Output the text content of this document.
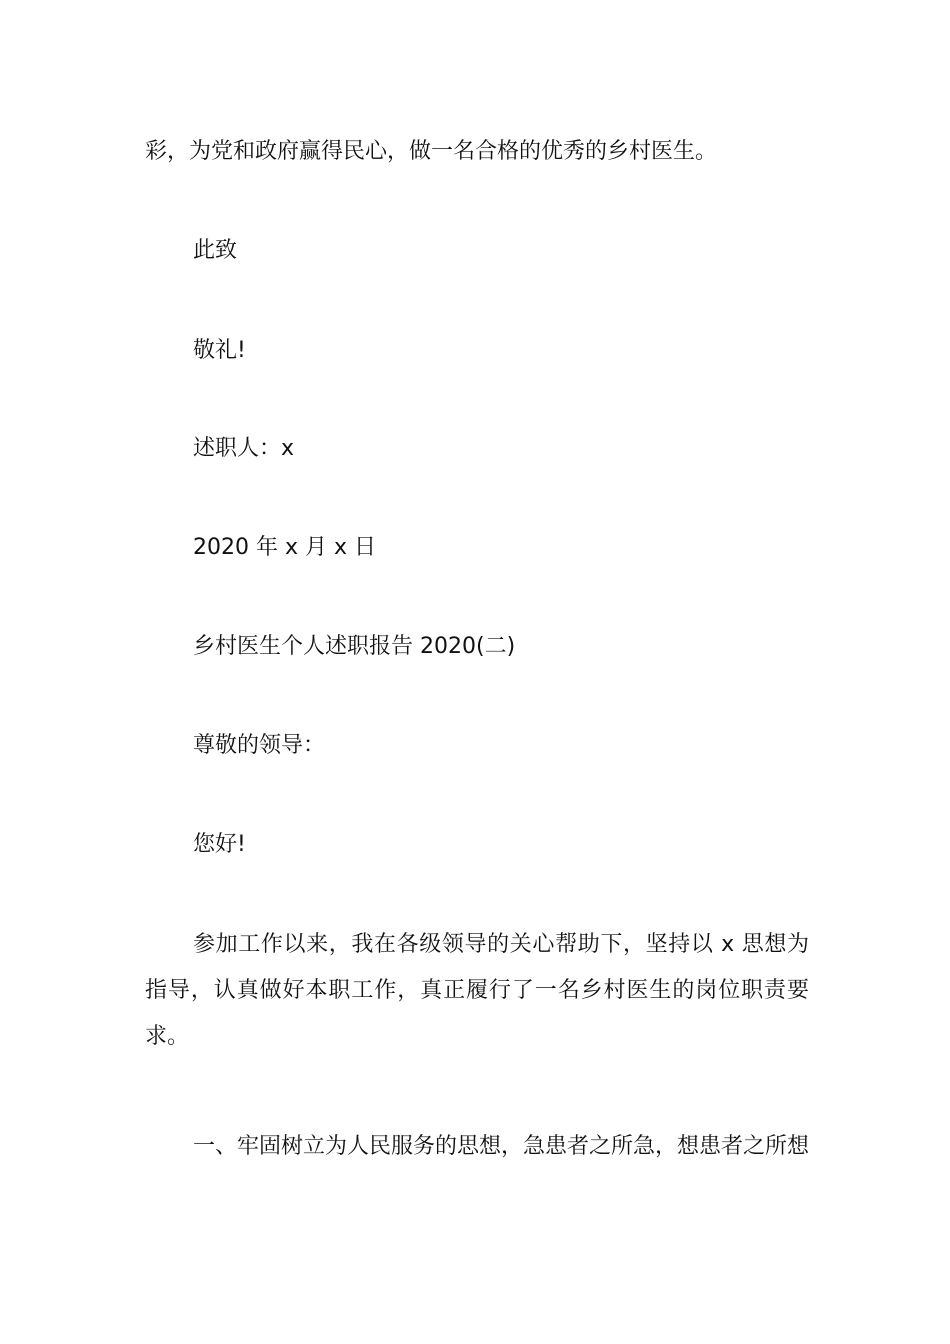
彩，为党和政府赢得民心，做一名合格的优秀的乡村医生。

此致

敬礼!

述职人：x

2020 年 x 月 x 日

乡村医生个人述职报告 2020(二)

尊敬的领导：

您好!

参加工作以来，我在各级领导的关心帮助下，坚持以 x 思想为指导，认真做好本职工作，真正履行了一名乡村医生的岗位职责要求。

一、牢固树立为人民服务的思想，急患者之所急，想患者之所想
